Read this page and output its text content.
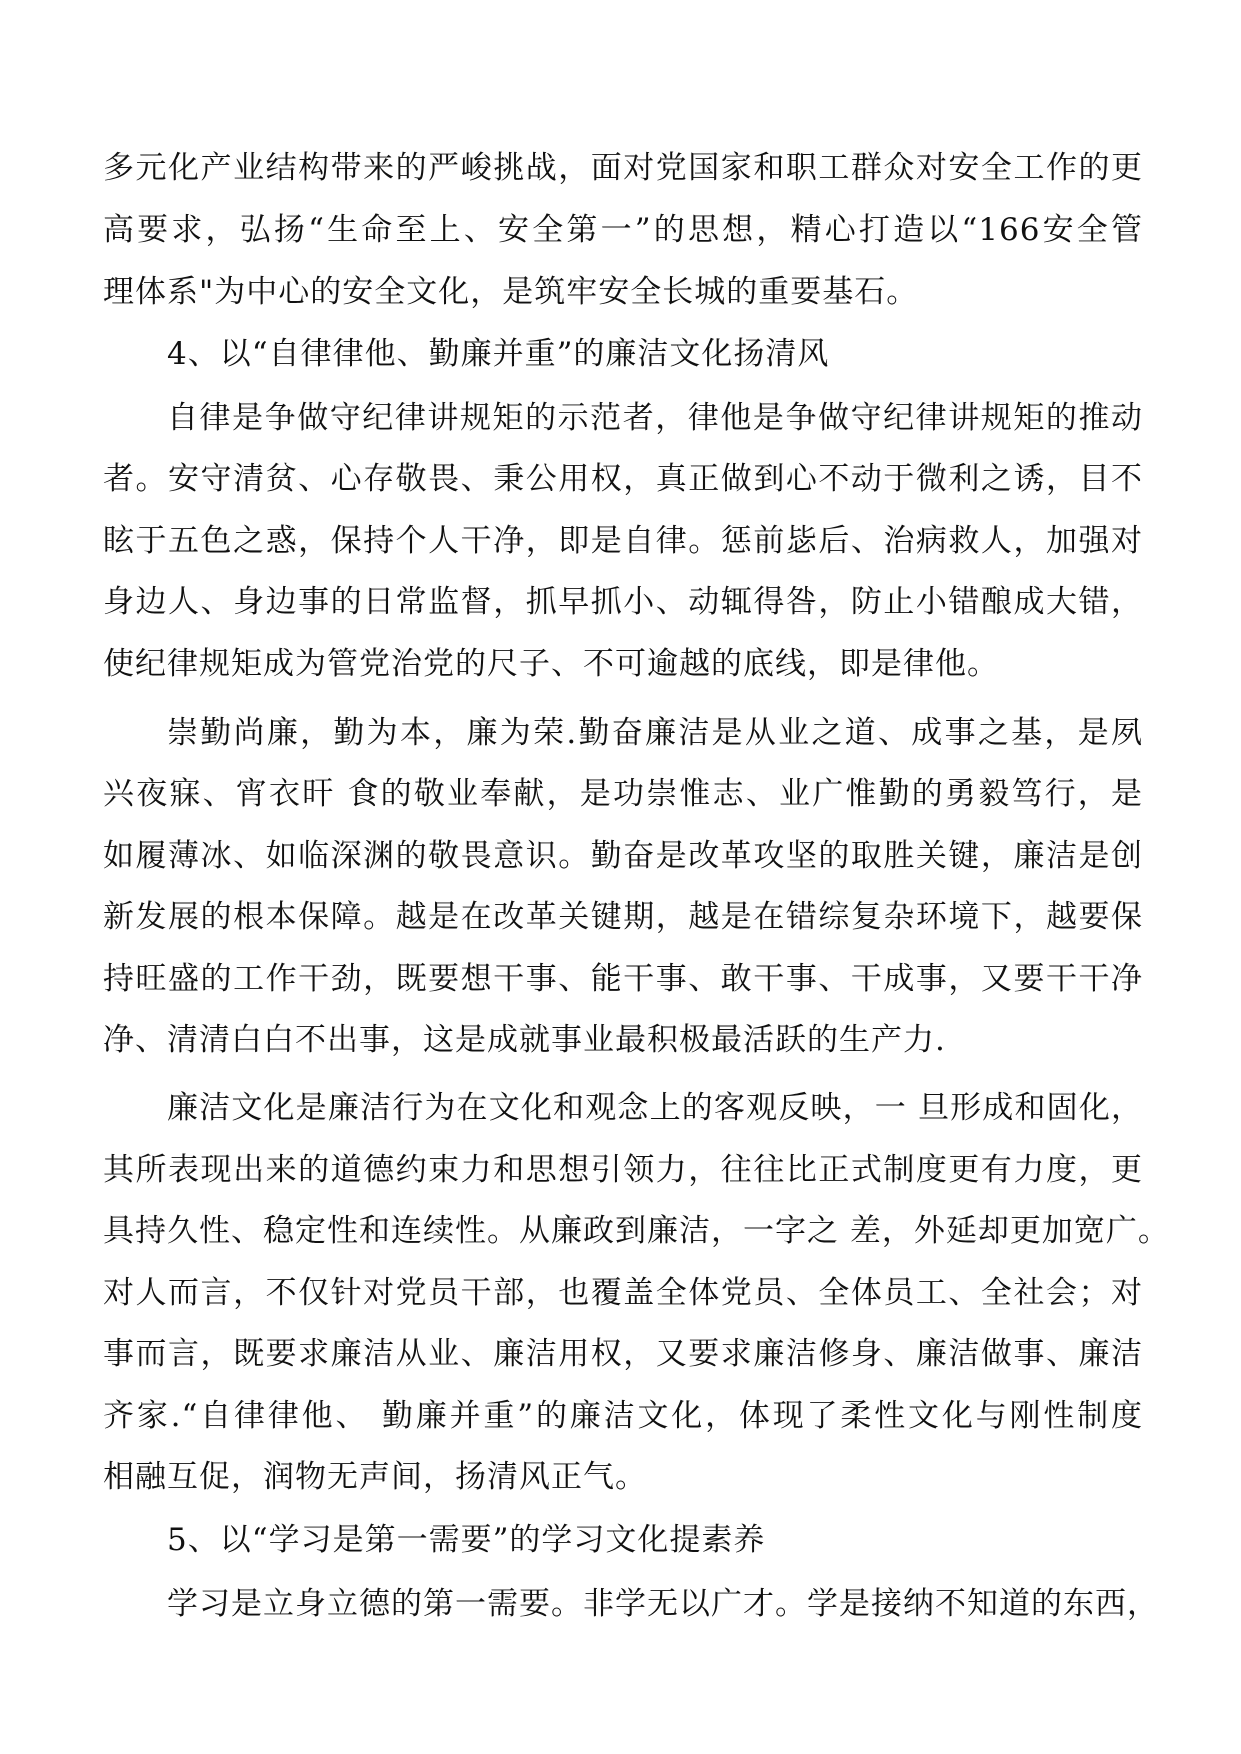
多元化产业结构带来的严峻挑战，面对党国家和职工群众对安全工作的更
高要求，弘扬“生命至上、安全第一”的思想，精心打造以“166安全管
理体系"为中心的安全文化，是筑牢安全长城的重要基石。
4、以“自律律他、勤廉并重”的廉洁文化扬清风
自律是争做守纪律讲规矩的示范者，律他是争做守纪律讲规矩的推动
者。安守清贫、心存敬畏、秉公用权，真正做到心不动于微利之诱，目不
眩于五色之惑，保持个人干净，即是自律。惩前毖后、治病救人，加强对
身边人、身边事的日常监督，抓早抓小、动辄得咎，防止小错酿成大错，
使纪律规矩成为管党治党的尺子、不可逾越的底线，即是律他。
崇勤尚廉，勤为本，廉为荣.勤奋廉洁是从业之道、成事之基，是夙
兴夜寐、宵衣旰 食的敬业奉献，是功崇惟志、业广惟勤的勇毅笃行，是
如履薄冰、如临深渊的敬畏意识。勤奋是改革攻坚的取胜关键，廉洁是创
新发展的根本保障。越是在改革关键期，越是在错综复杂环境下，越要保
持旺盛的工作干劲，既要想干事、能干事、敢干事、干成事，又要干干净
净、清清白白不出事，这是成就事业最积极最活跃的生产力.
廉洁文化是廉洁行为在文化和观念上的客观反映，一 旦形成和固化，
其所表现出来的道德约束力和思想引领力，往往比正式制度更有力度，更
具持久性、稳定性和连续性。从廉政到廉洁，一字之 差，外延却更加宽广。
对人而言，不仅针对党员干部，也覆盖全体党员、全体员工、全社会；对
事而言，既要求廉洁从业、廉洁用权，又要求廉洁修身、廉洁做事、廉洁
齐家.“自律律他、 勤廉并重”的廉洁文化，体现了柔性文化与刚性制度
相融互促，润物无声间，扬清风正气。
5、以“学习是第一需要”的学习文化提素养
学习是立身立德的第一需要。非学无以广才。学是接纳不知道的东西，
